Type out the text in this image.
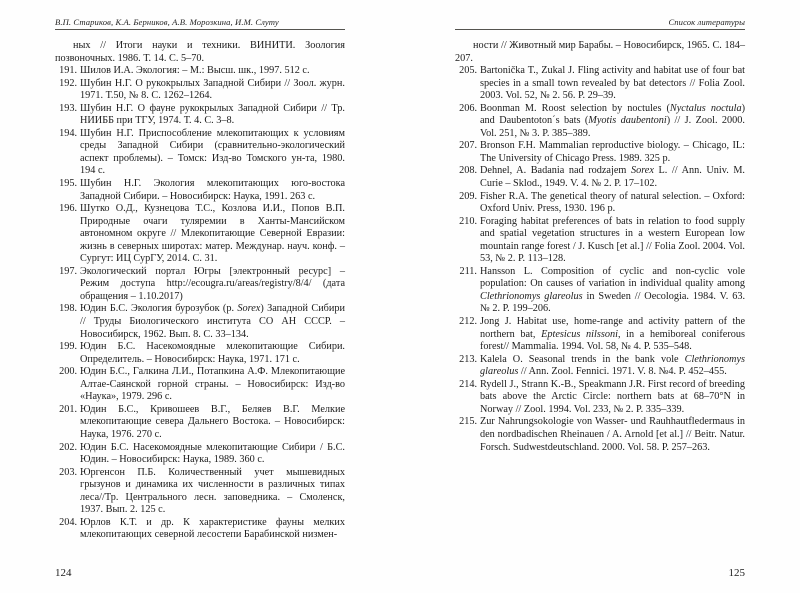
В.П. Стариков, К.А. Берников, А.В. Морозкина, И.М. Слуту

ных // Итоги науки и техники. ВИНИТИ. Зоология позвоночных. 1986. Т. 14. С. 5–70.

191. Шилов И.А. Экология: – М.: Высш. шк., 1997. 512 с.

192. Шубин Н.Г. О рукокрылых Западной Сибири // Зоол. журн. 1971. Т.50, № 8. С. 1262–1264.

193. Шубин Н.Г. О фауне рукокрылых Западной Сибири // Тр. НИИББ при ТГУ, 1974. Т. 4. С. 3–8.

194. Шубин Н.Г. Приспособление млекопитающих к условиям среды Западной Сибири (сравнительно-экологический аспект проблемы). – Томск: Изд-во Томского ун-та, 1980. 194 с.

195. Шубин Н.Г. Экология млекопитающих юго-востока Западной Сибири. – Новосибирск: Наука, 1991. 263 с.

196. Шутко О.Д., Кузнецова Т.С., Козлова И.И., Попов В.П. Природные очаги туляремии в Ханты-Мансийском автономном округе // Млекопитающие Северной Евразии: жизнь в северных широтах: матер. Междунар. науч. конф. – Сургут: ИЦ СурГУ, 2014. С. 31.

197. Экологический портал Югры [электронный ресурс] – Режим доступа http://ecougra.ru/areas/registry/8/4/ (дата обращения – 1.10.2017)

198. Юдин Б.С. Экология бурозубок (р. Sorex) Западной Сибири // Труды Биологического института СО АН СССР. – Новосибирск, 1962. Вып. 8. С. 33–134.

199. Юдин Б.С. Насекомоядные млекопитающие Сибири. Определитель. – Новосибирск: Наука, 1971. 171 с.

200. Юдин Б.С., Галкина Л.И., Потапкина А.Ф. Млекопитающие Алтае-Саянской горной страны. – Новосибирск: Изд-во «Наука», 1979. 296 с.

201. Юдин Б.С., Кривошеев В.Г., Беляев В.Г. Мелкие млекопитающие севера Дальнего Востока. – Новосибирск: Наука, 1976. 270 с.

202. Юдин Б.С. Насекомоядные млекопитающие Сибири / Б.С. Юдин. – Новосибирск: Наука, 1989. 360 с.

203. Юргенсон П.Б. Количественный учет мышевидных грызунов и динамика их численности в различных типах леса//Тр. Центрального лесн. заповедника. – Смоленск, 1937. Вып. 2. 125 с.

204. Юрлов К.Т. и др. К характеристике фауны мелких млекопитающих северной лесостепи Барабинской низмен-

124
Список литературы

ности // Животный мир Барабы. – Новосибирск, 1965. С. 184–207.

205. Bartonička T., Zukal J. Fling activity and habitat use of four bat species in a small town revealed by bat detectors // Folia Zool. 2003. Vol. 52, № 2. 56. P. 29–39.

206. Boonman M. Roost selection by noctules (Nyctalus noctula) and Daubentoton´s bats (Myotis daubentoni) // J. Zool. 2000. Vol. 251, № 3. P. 385–389.

207. Bronson F.H. Mammalian reproductive biology. – Chicago, IL: The University of Chicago Press. 1989. 325 p.

208. Dehnel, A. Badania nad rodzajem Sorex L. // Ann. Univ. M. Curie – Sklod., 1949. V. 4. № 2. P. 17–102.

209. Fisher R.A. The genetical theory of natural selection. – Oxford: Oxford Univ. Press, 1930. 196 p.

210. Foraging habitat preferences of bats in relation to food supply and spatial vegetation structures in a western European low mountain range forest / J. Kusch [et al.] // Folia Zool. 2004. Vol. 53, № 2. P. 113–128.

211. Hansson L. Composition of cyclic and non-cyclic vole population: On causes of variation in individual quality among Clethrionomys glareolus in Sweden // Oecologia. 1984. V. 63. № 2. P. 199–206.

212. Jong J. Habitat use, home-range and activity pattern of the northern bat, Eptesicus nilssoni, in a hemiboreal coniferous forest// Mammalia. 1994. Vol. 58, № 4. P. 535–548.

213. Kalela O. Seasonal trends in the bank vole Clethrionomys glareolus // Ann. Zool. Fennici. 1971. V. 8. №4. P. 452–455.

214. Rydell J., Strann K.-B., Speakmann J.R. First record of breeding bats above the Arctic Circle: northern bats at 68–70°N in Norway // Zool. 1994. Vol. 233, № 2. P. 335–339.

215. Zur Nahrungsokologie von Wasser- und Rauhhautfledermaus in den nordbadischen Rheinauen / A. Arnold [et al.] // Beitr. Natur. Forsch. Sudwestdeutschland. 2000. Vol. 58. P. 257–263.

125
